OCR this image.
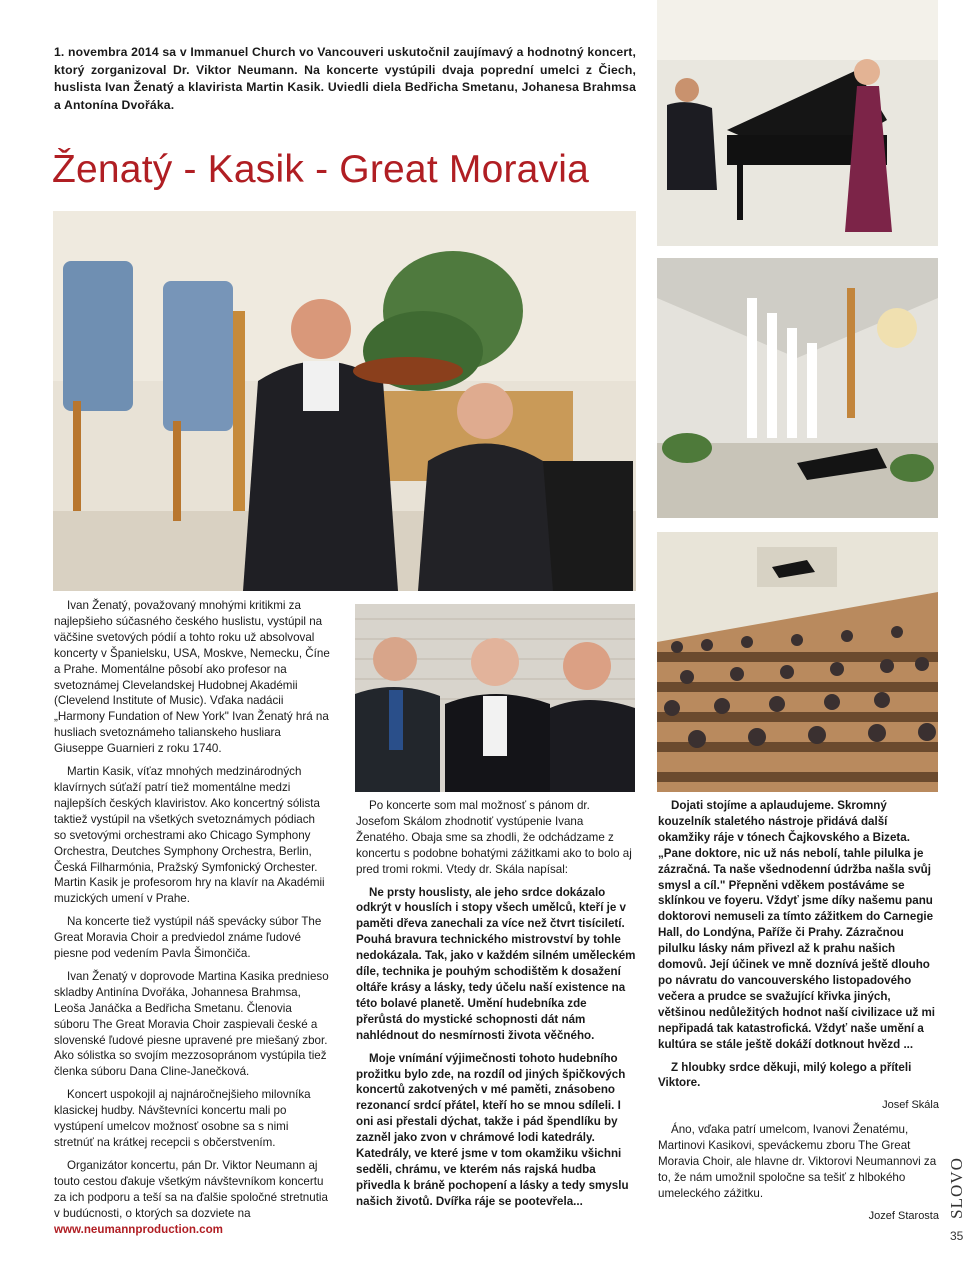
1. novembra 2014 sa v Immanuel Church vo Vancouveri uskutočnil zaujímavý a hodnotný koncert, ktorý zorganizoval Dr. Viktor Neumann. Na koncerte vystúpili dvaja poprední umelci z Čiech, huslista Ivan Ženatý a klavirista Martin Kasik. Uviedli diela Bedřicha Smetanu, Johanesa Brahmsa a Antonína Dvořáka.
Ženatý - Kasik - Great Moravia

Ivan Ženatý, považovaný mnohými kritikmi za najlepšieho súčasného českého huslistu, vystúpil na väčšine svetových pódií a tohto roku už absolvoval koncerty v Španielsku, USA, Moskve, Nemecku, Číne a Prahe. Momentálne pôsobí ako profesor na svetoznámej Clevelandskej Hudobnej Akadémii (Clevelend Institute of Music). Vďaka nadácii „Harmony Fundation of New York" Ivan Ženatý hrá na husliach svetoznámeho talianskeho husliara Giuseppe Guarnieri z roku 1740.

Martin Kasik, víťaz mnohých medzinárodných klavírnych súťaží patrí tiež momentálne medzi najlepších českých klaviristov. Ako koncertný sólista taktiež vystúpil na všetkých svetoznámych pódiach so svetovými orchestrami ako Chicago Symphony Orchestra, Deutches Symphony Orchestra, Berlin, Česká Filharmónia, Pražský Symfonický Orchester. Martin Kasik je profesorom hry na klavír na Akadémii muzických umení v Prahe.

Na koncerte tiež vystúpil náš spevácky súbor The Great Moravia Choir a predviedol známe ľudové piesne pod vedením Pavla Šimončiča.

Ivan Ženatý v doprovode Martina Kasika prednieso skladby Antinína Dvořáka, Johannesa Brahmsa, Leoša Janáčka a Bedřicha Smetanu. Členovia súboru The Great Moravia Choir zaspievali české a slovenské ľudové piesne upravené pre miešaný zbor. Ako sólistka so svojím mezzosopránom vystúpila tiež členka súboru Dana Cline-Janečková.

Koncert uspokojil aj najnáročnejšieho milovníka klasickej hudby. Návštevníci koncertu mali po vystúpení umelcov možnosť osobne sa s nimi stretnúť na krátkej recepcii s občerstvením.

Organizátor koncertu, pán Dr. Viktor Neumann aj touto cestou ďakuje všetkým návštevníkom koncertu za ich podporu a teší sa na ďalšie spoločné stretnutia v budúcnosti, o ktorých sa dozviete na

www.neumannproduction.com

Po koncerte som mal možnosť s pánom dr. Josefom Skálom zhodnotiť vystúpenie Ivana Ženatého. Obaja sme sa zhodli, že odchádzame z koncertu s podobne bohatými zážitkami ako to bolo aj pred tromi rokmi. Vtedy dr. Skála napísal:

Ne prsty houslisty, ale jeho srdce dokázalo odkrýt v houslích i stopy všech umělců, kteří je v paměti dřeva zanechali za více než čtvrt tisíciletí. Pouhá bravura technického mistrovství by tohle nedokázala. Tak, jako v každém silném uměleckém díle, technika je pouhým schodištěm k dosažení oltáře krásy a lásky, tedy účelu naší existence na této bolavé planetě. Umění hudebníka zde přerůstá do mystické schopnosti dát nám nahlédnout do nesmírnosti života věčného.

Moje vnímání výjimečnosti tohoto hudebního prožitku bylo zde, na rozdíl od jiných špičkových koncertů zakotvených v mé paměti, znásobeno rezonancí srdcí přátel, kteří ho se mnou sdíleli. I oni asi přestali dýchat, takže i pád špendlíku by zazněl jako zvon v chrámové lodi katedrály. Katedrály, ve které jsme v tom okamžiku všichni seděli, chrámu, ve kterém nás rajská hudba přivedla k bráně pochopení a lásky a tedy smyslu našich životů. Dvířka ráje se pootevřela...

Dojati stojíme a aplaudujeme. Skromný kouzelník staletého nástroje přidává další okamžiky ráje v tónech Čajkovského a Bizeta. „Pane doktore, nic už nás nebolí, tahle pilulka je zázračná. Ta naše všednodenní údržba našla svůj smysl a cíl." Přepněni vděkem postáváme se sklínkou ve foyeru. Vždyť jsme díky našemu panu doktorovi nemuseli za tímto zážitkem do Carnegie Hall, do Londýna, Paříže či Prahy. Zázračnou pilulku lásky nám přivezl až k prahu našich domovů. Její účinek ve mně doznívá ještě dlouho po návratu do vancouverského listopadového večera a prudce se svažující křivka jiných, většinou nedůležitých hodnot naší civilizace už mi nepřipadá tak katastrofická. Vždyť naše umění a kultúra se stále ještě dokáží dotknout hvězd ...

Z hloubky srdce děkuji, milý kolego a příteli Viktore.

Josef Skála

Áno, vďaka patrí umelcom, Ivanovi Ženatému, Martinovi Kasikovi, speváckemu zboru The Great Moravia Choir, ale hlavne dr. Viktorovi Neumannovi za to, že nám umožnil spoločne sa tešiť z hlbokého umeleckého zážitku.

Jozef Starosta SLOVO
35
